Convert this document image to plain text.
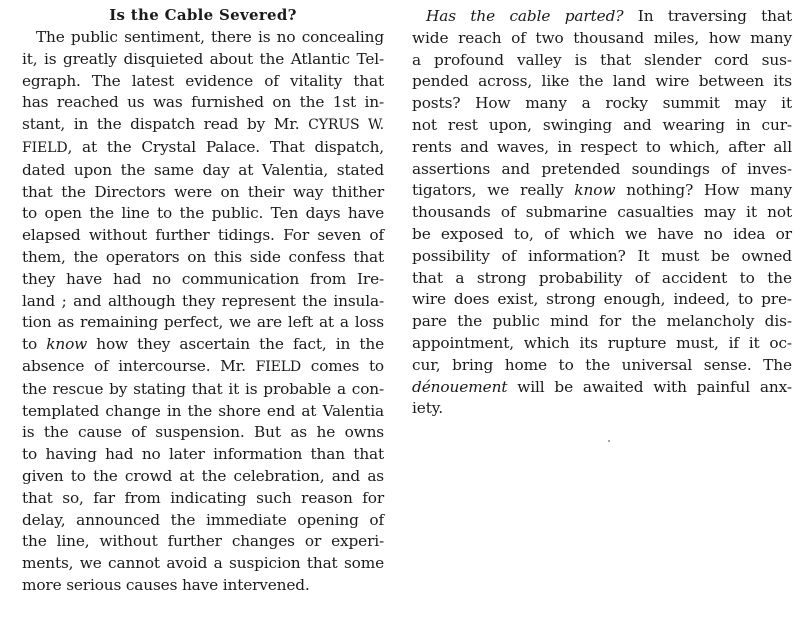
Is the Cable Severed?
The public sentiment, there is no concealing
it, is greatly disquieted about the Atlantic Tel-
egraph. The latest evidence of vitality that
has reached us was furnished on the 1st in-
stant, in the dispatch read by Mr. CYRUS W.
FIELD, at the Crystal Palace. That dispatch,
dated upon the same day at Valentia, stated
that the Directors were on their way thither
to open the line to the public. Ten days have
elapsed without further tidings. For seven of
them, the operators on this side confess that
they have had no communication from Ire-
land ; and although they represent the insula-
tion as remaining perfect, we are left at a loss
to know how they ascertain the fact, in the
absence of intercourse. Mr. FIELD comes to
the rescue by stating that it is probable a con-
templated change in the shore end at Valentia
is the cause of suspension. But as he owns
to having had no later information than that
given to the crowd at the celebration, and as
that so, far from indicating such reason for
delay, announced the immediate opening of
the line, without further changes or experi-
ments, we cannot avoid a suspicion that some
more serious causes have intervened.
Has the cable parted? In traversing that
wide reach of two thousand miles, how many
a profound valley is that slender cord sus-
pended across, like the land wire between its
posts? How many a rocky summit may it
not rest upon, swinging and wearing in cur-
rents and waves, in respect to which, after all
assertions and pretended soundings of inves-
tigators, we really know nothing? How many
thousands of submarine casualties may it not
be exposed to, of which we have no idea or
possibility of information? It must be owned
that a strong probability of accident to the
wire does exist, strong enough, indeed, to pre-
pare the public mind for the melancholy dis-
appointment, which its rupture must, if it oc-
cur, bring home to the universal sense. The
dénouement will be awaited with painful anx-
iety.
